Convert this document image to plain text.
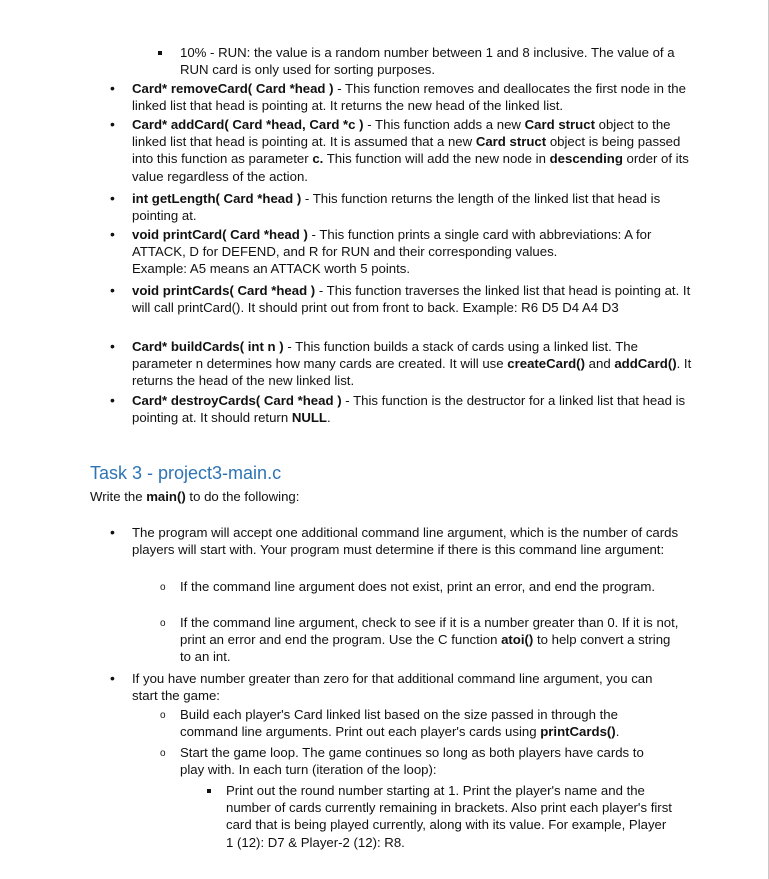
10% - RUN: the value is a random number between 1 and 8 inclusive. The value of a RUN card is only used for sorting purposes.
•
Card* removeCard( Card *head ) - This function removes and deallocates the first node in the linked list that head is pointing at. It returns the new head of the linked list.
•
Card* addCard( Card *head, Card *c ) - This function adds a new Card struct object to the linked list that head is pointing at. It is assumed that a new Card struct object is being passed into this function as parameter c. This function will add the new node in descending order of its value regardless of the action.
•
int getLength( Card *head ) - This function returns the length of the linked list that head is pointing at.
•
void printCard( Card *head ) - This function prints a single card with abbreviations: A for ATTACK, D for DEFEND, and R for RUN and their corresponding values.
Example: A5 means an ATTACK worth 5 points.
•
void printCards( Card *head ) - This function traverses the linked list that head is pointing at. It will call printCard(). It should print out from front to back. Example: R6 D5 D4 A4 D3
•
Card* buildCards( int n ) - This function builds a stack of cards using a linked list. The parameter n determines how many cards are created. It will use createCard() and addCard(). It returns the head of the new linked list.
•
Card* destroyCards( Card *head ) - This function is the destructor for a linked list that head is pointing at. It should return NULL.
Task 3 - project3-main.c
Write the main() to do the following:
•
The program will accept one additional command line argument, which is the number of cards players will start with. Your program must determine if there is this command line argument:
o
If the command line argument does not exist, print an error, and end the program.
o
If the command line argument, check to see if it is a number greater than 0. If it is not, print an error and end the program. Use the C function atoi() to help convert a string to an int.
•
If you have number greater than zero for that additional command line argument, you can start the game:
o
Build each player's Card linked list based on the size passed in through the command line arguments. Print out each player's cards using printCards().
o
Start the game loop. The game continues so long as both players have cards to play with. In each turn (iteration of the loop):
Print out the round number starting at 1. Print the player's name and the number of cards currently remaining in brackets. Also print each player's first card that is being played currently, along with its value. For example, Player 1 (12): D7 & Player-2 (12): R8.
